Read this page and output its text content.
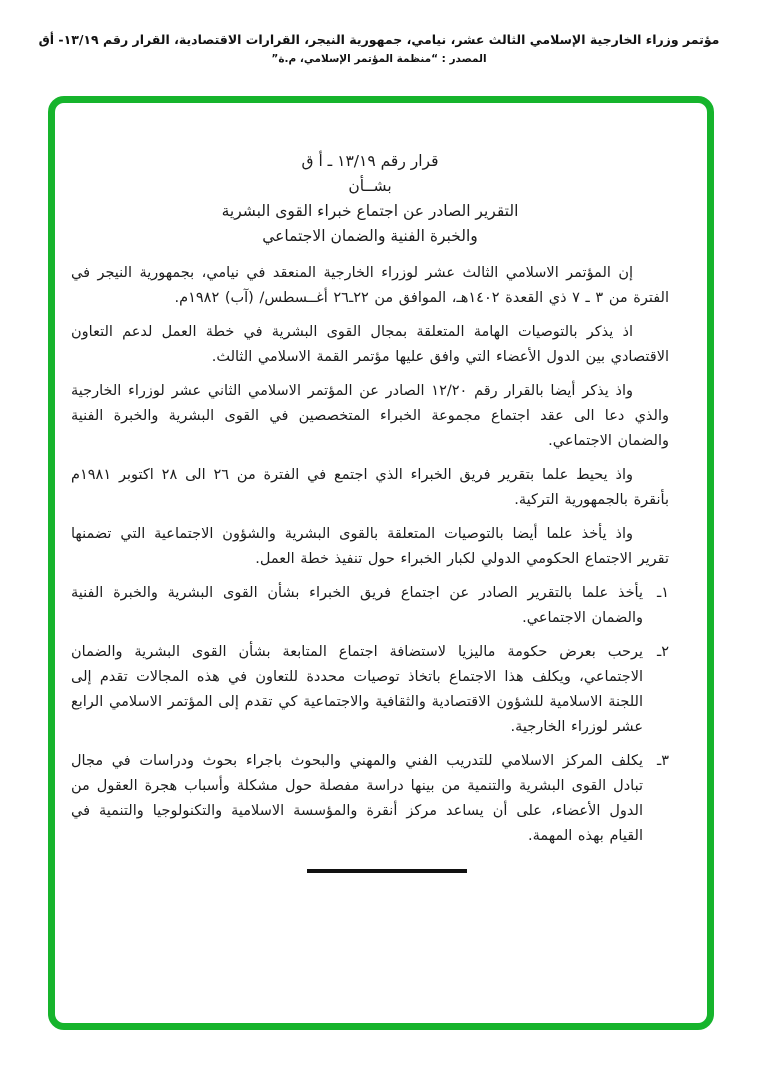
مؤتمر وزراء الخارجية الإسلامي الثالث عشر، نيامي، جمهورية النيجر، القرارات الاقتصادية، القرار رقم ١٣/١٩- أق
المصدر : “منظمة المؤتمر الإسلامي، م.ة”
قرار رقم ١٣/١٩ ـ أ ق
بشــأن
التقرير الصادر عن اجتماع خبراء القوى البشرية
والخبرة الفنية والضمان الاجتماعي

إن المؤتمر الاسلامي الثالث عشر لوزراء الخارجية المنعقد في نيامي، بجمهورية النيجر في الفترة من ٣ ـ ٧ ذي القعدة ١٤٠٢هـ، الموافق من ٢٢ـ٢٦ أغــسطس/ (آب) ١٩٨٢م.

اذ يذكر بالتوصيات الهامة المتعلقة بمجال القوى البشرية في خطة العمل لدعم التعاون الاقتصادي بين الدول الأعضاء التي وافق عليها مؤتمر القمة الاسلامي الثالث.

واذ يذكر أيضا بالقرار رقم ١٢/٢٠ الصادر عن المؤتمر الاسلامي الثاني عشر لوزراء الخارجية والذي دعا الى عقد اجتماع مجموعة الخبراء المتخصصين في القوى البشرية والخبرة الفنية والضمان الاجتماعي.

واذ يحيط علما بتقرير فريق الخبراء الذي اجتمع في الفترة من ٢٦ الى ٢٨ اكتوبر ١٩٨١م بأنقرة بالجمهورية التركية.

واذ يأخذ علما أيضا بالتوصيات المتعلقة بالقوى البشرية والشؤون الاجتماعية التي تضمنها تقرير الاجتماع الحكومي الدولي لكبار الخبراء حول تنفيذ خطة العمل.

١ـ
يأخذ علما بالتقرير الصادر عن اجتماع فريق الخبراء بشأن القوى البشرية والخبرة الفنية والضمان الاجتماعي.
٢ـ
يرحب بعرض حكومة ماليزيا لاستضافة اجتماع المتابعة بشأن القوى البشرية والضمان الاجتماعي، ويكلف هذا الاجتماع باتخاذ توصيات محددة للتعاون في هذه المجالات تقدم إلى اللجنة الاسلامية للشؤون الاقتصادية والثقافية والاجتماعية كي تقدم إلى المؤتمر الاسلامي الرابع عشر لوزراء الخارجية.
٣ـ
يكلف المركز الاسلامي للتدريب الفني والمهني والبحوث باجراء بحوث ودراسات في مجال تبادل القوى البشرية والتنمية من بينها دراسة مفصلة حول مشكلة وأسباب هجرة العقول من الدول الأعضاء، على أن يساعد مركز أنقرة والمؤسسة الاسلامية والتكنولوجيا والتنمية في القيام بهذه المهمة.
